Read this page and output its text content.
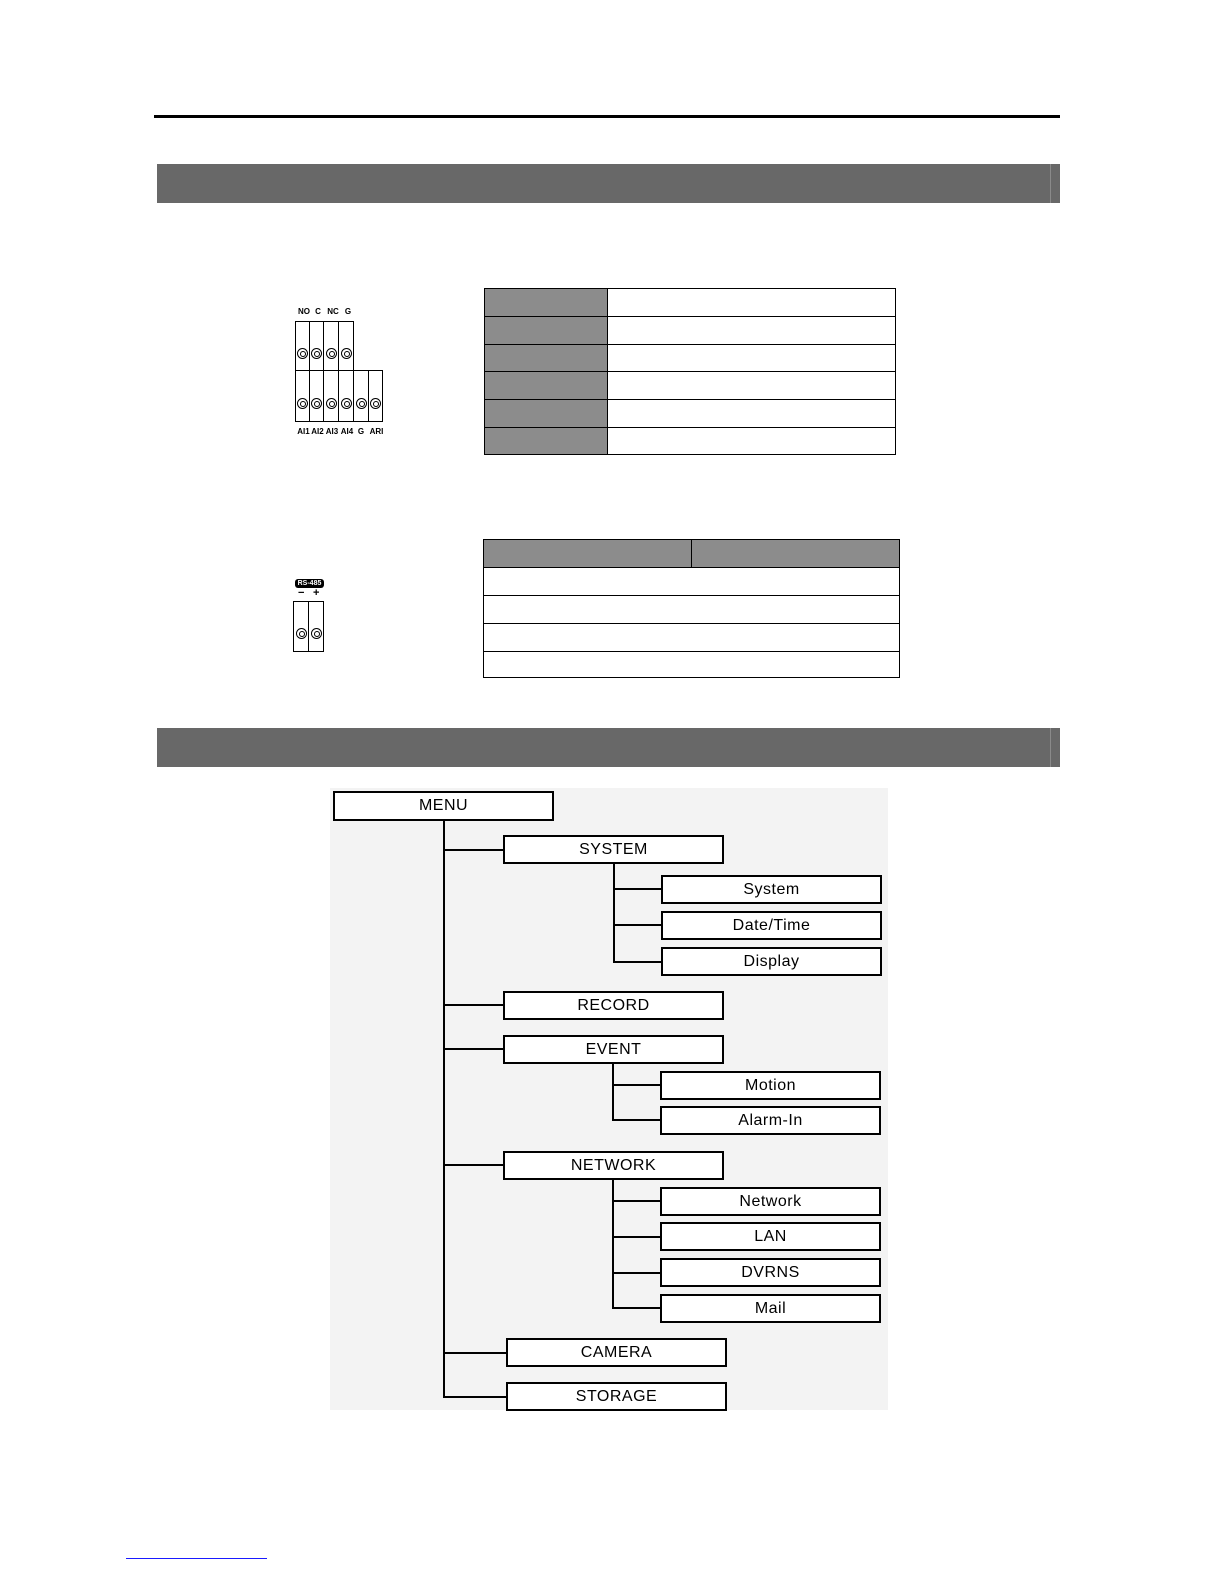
NO C NC G
AI1 AI2 AI3 AI4 G ARI

RS-485
− +

MENU
SYSTEM
System
Date/Time
Display
RECORD
EVENT
Motion
Alarm-In
NETWORK
Network
LAN
DVRNS
Mail
CAMERA
STORAGE
